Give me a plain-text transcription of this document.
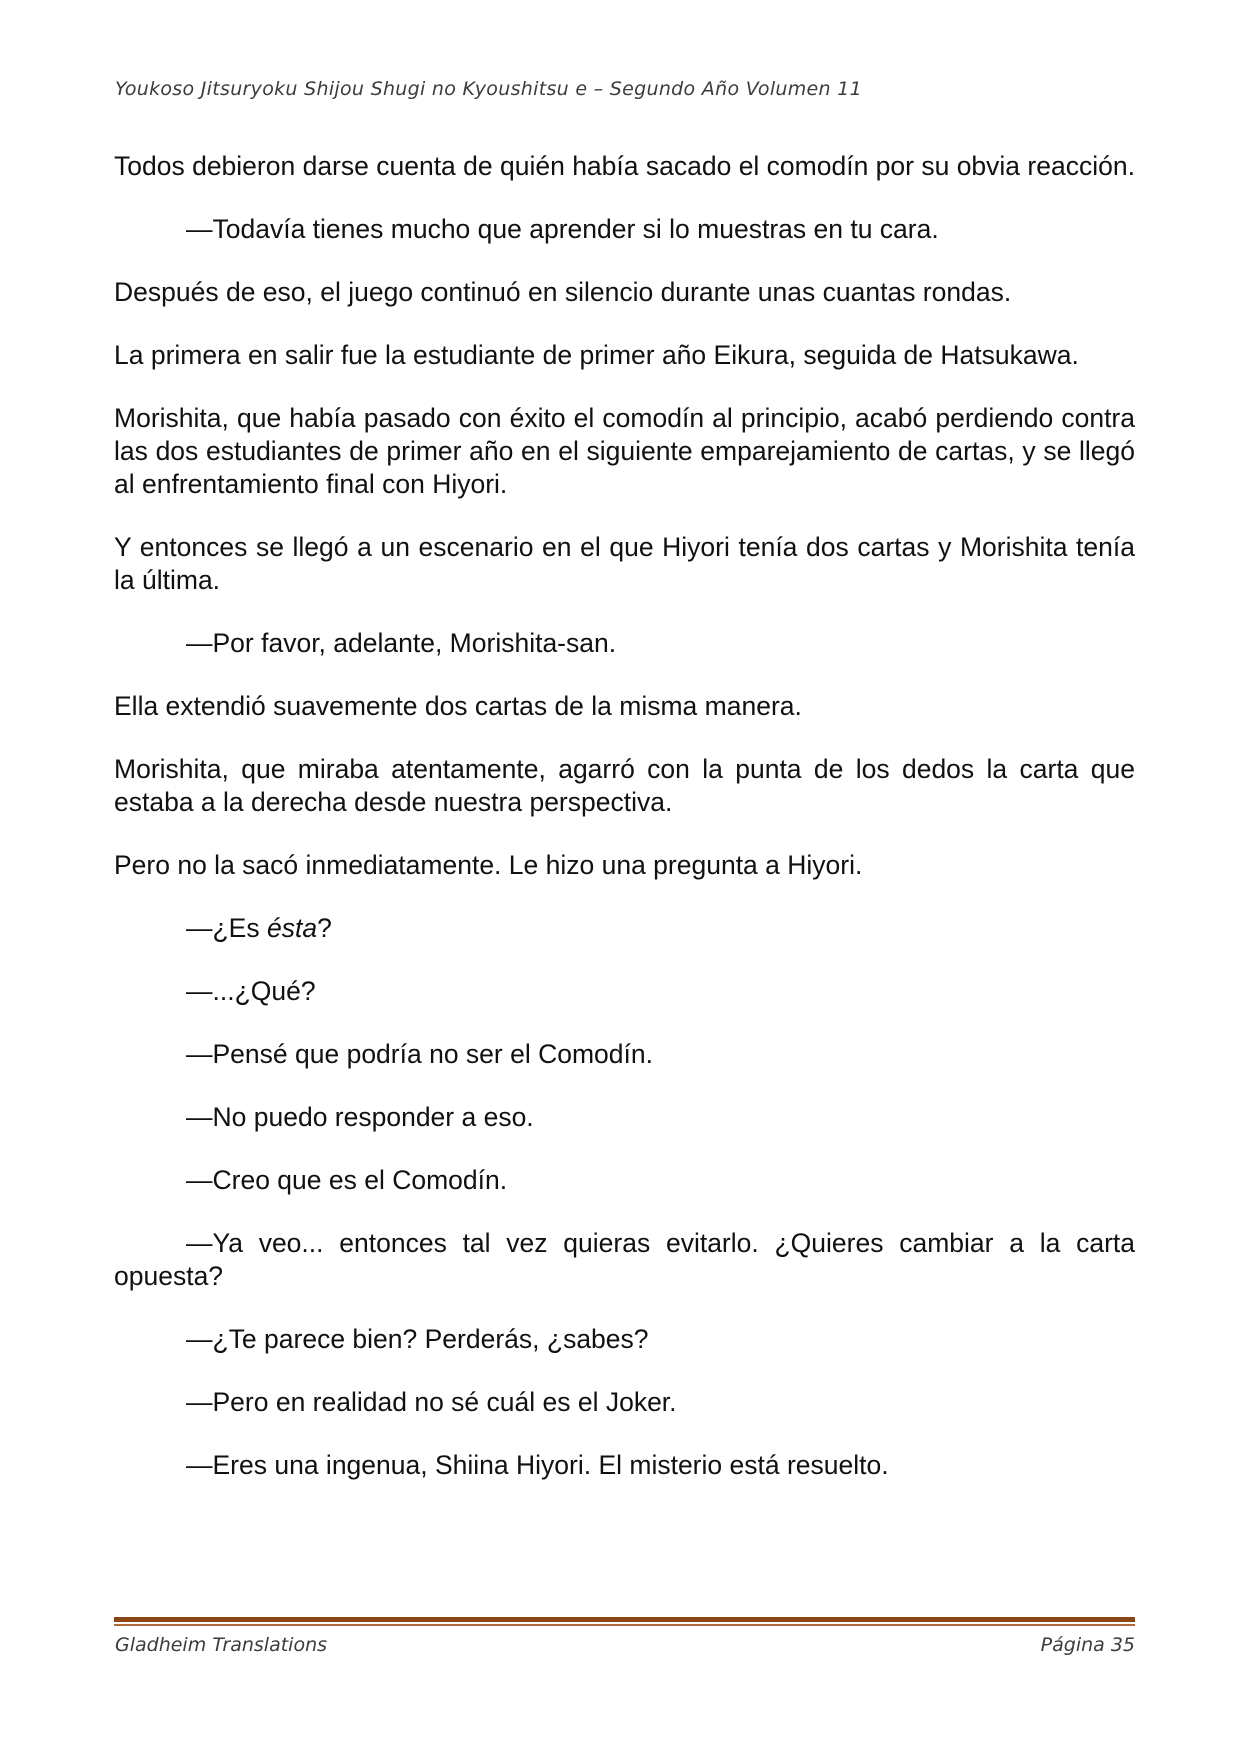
Youkoso Jitsuryoku Shijou Shugi no Kyoushitsu e – Segundo Año Volumen 11

Todos debieron darse cuenta de quién había sacado el comodín por su obvia reacción.

—Todavía tienes mucho que aprender si lo muestras en tu cara.

Después de eso, el juego continuó en silencio durante unas cuantas rondas.

La primera en salir fue la estudiante de primer año Eikura, seguida de Hatsukawa.

Morishita, que había pasado con éxito el comodín al principio, acabó perdiendo contra las dos estudiantes de primer año en el siguiente emparejamiento de cartas, y se llegó al enfrentamiento final con Hiyori.

Y entonces se llegó a un escenario en el que Hiyori tenía dos cartas y Morishita tenía la última.

—Por favor, adelante, Morishita-san.

Ella extendió suavemente dos cartas de la misma manera.

Morishita, que miraba atentamente, agarró con la punta de los dedos la carta que estaba a la derecha desde nuestra perspectiva.

Pero no la sacó inmediatamente. Le hizo una pregunta a Hiyori.

—¿Es ésta?

—...¿Qué?

—Pensé que podría no ser el Comodín.

—No puedo responder a eso.

—Creo que es el Comodín.

—Ya veo... entonces tal vez quieras evitarlo. ¿Quieres cambiar a la carta opuesta?

—¿Te parece bien? Perderás, ¿sabes?

—Pero en realidad no sé cuál es el Joker.

—Eres una ingenua, Shiina Hiyori. El misterio está resuelto.

Gladheim Translations	Página 35
